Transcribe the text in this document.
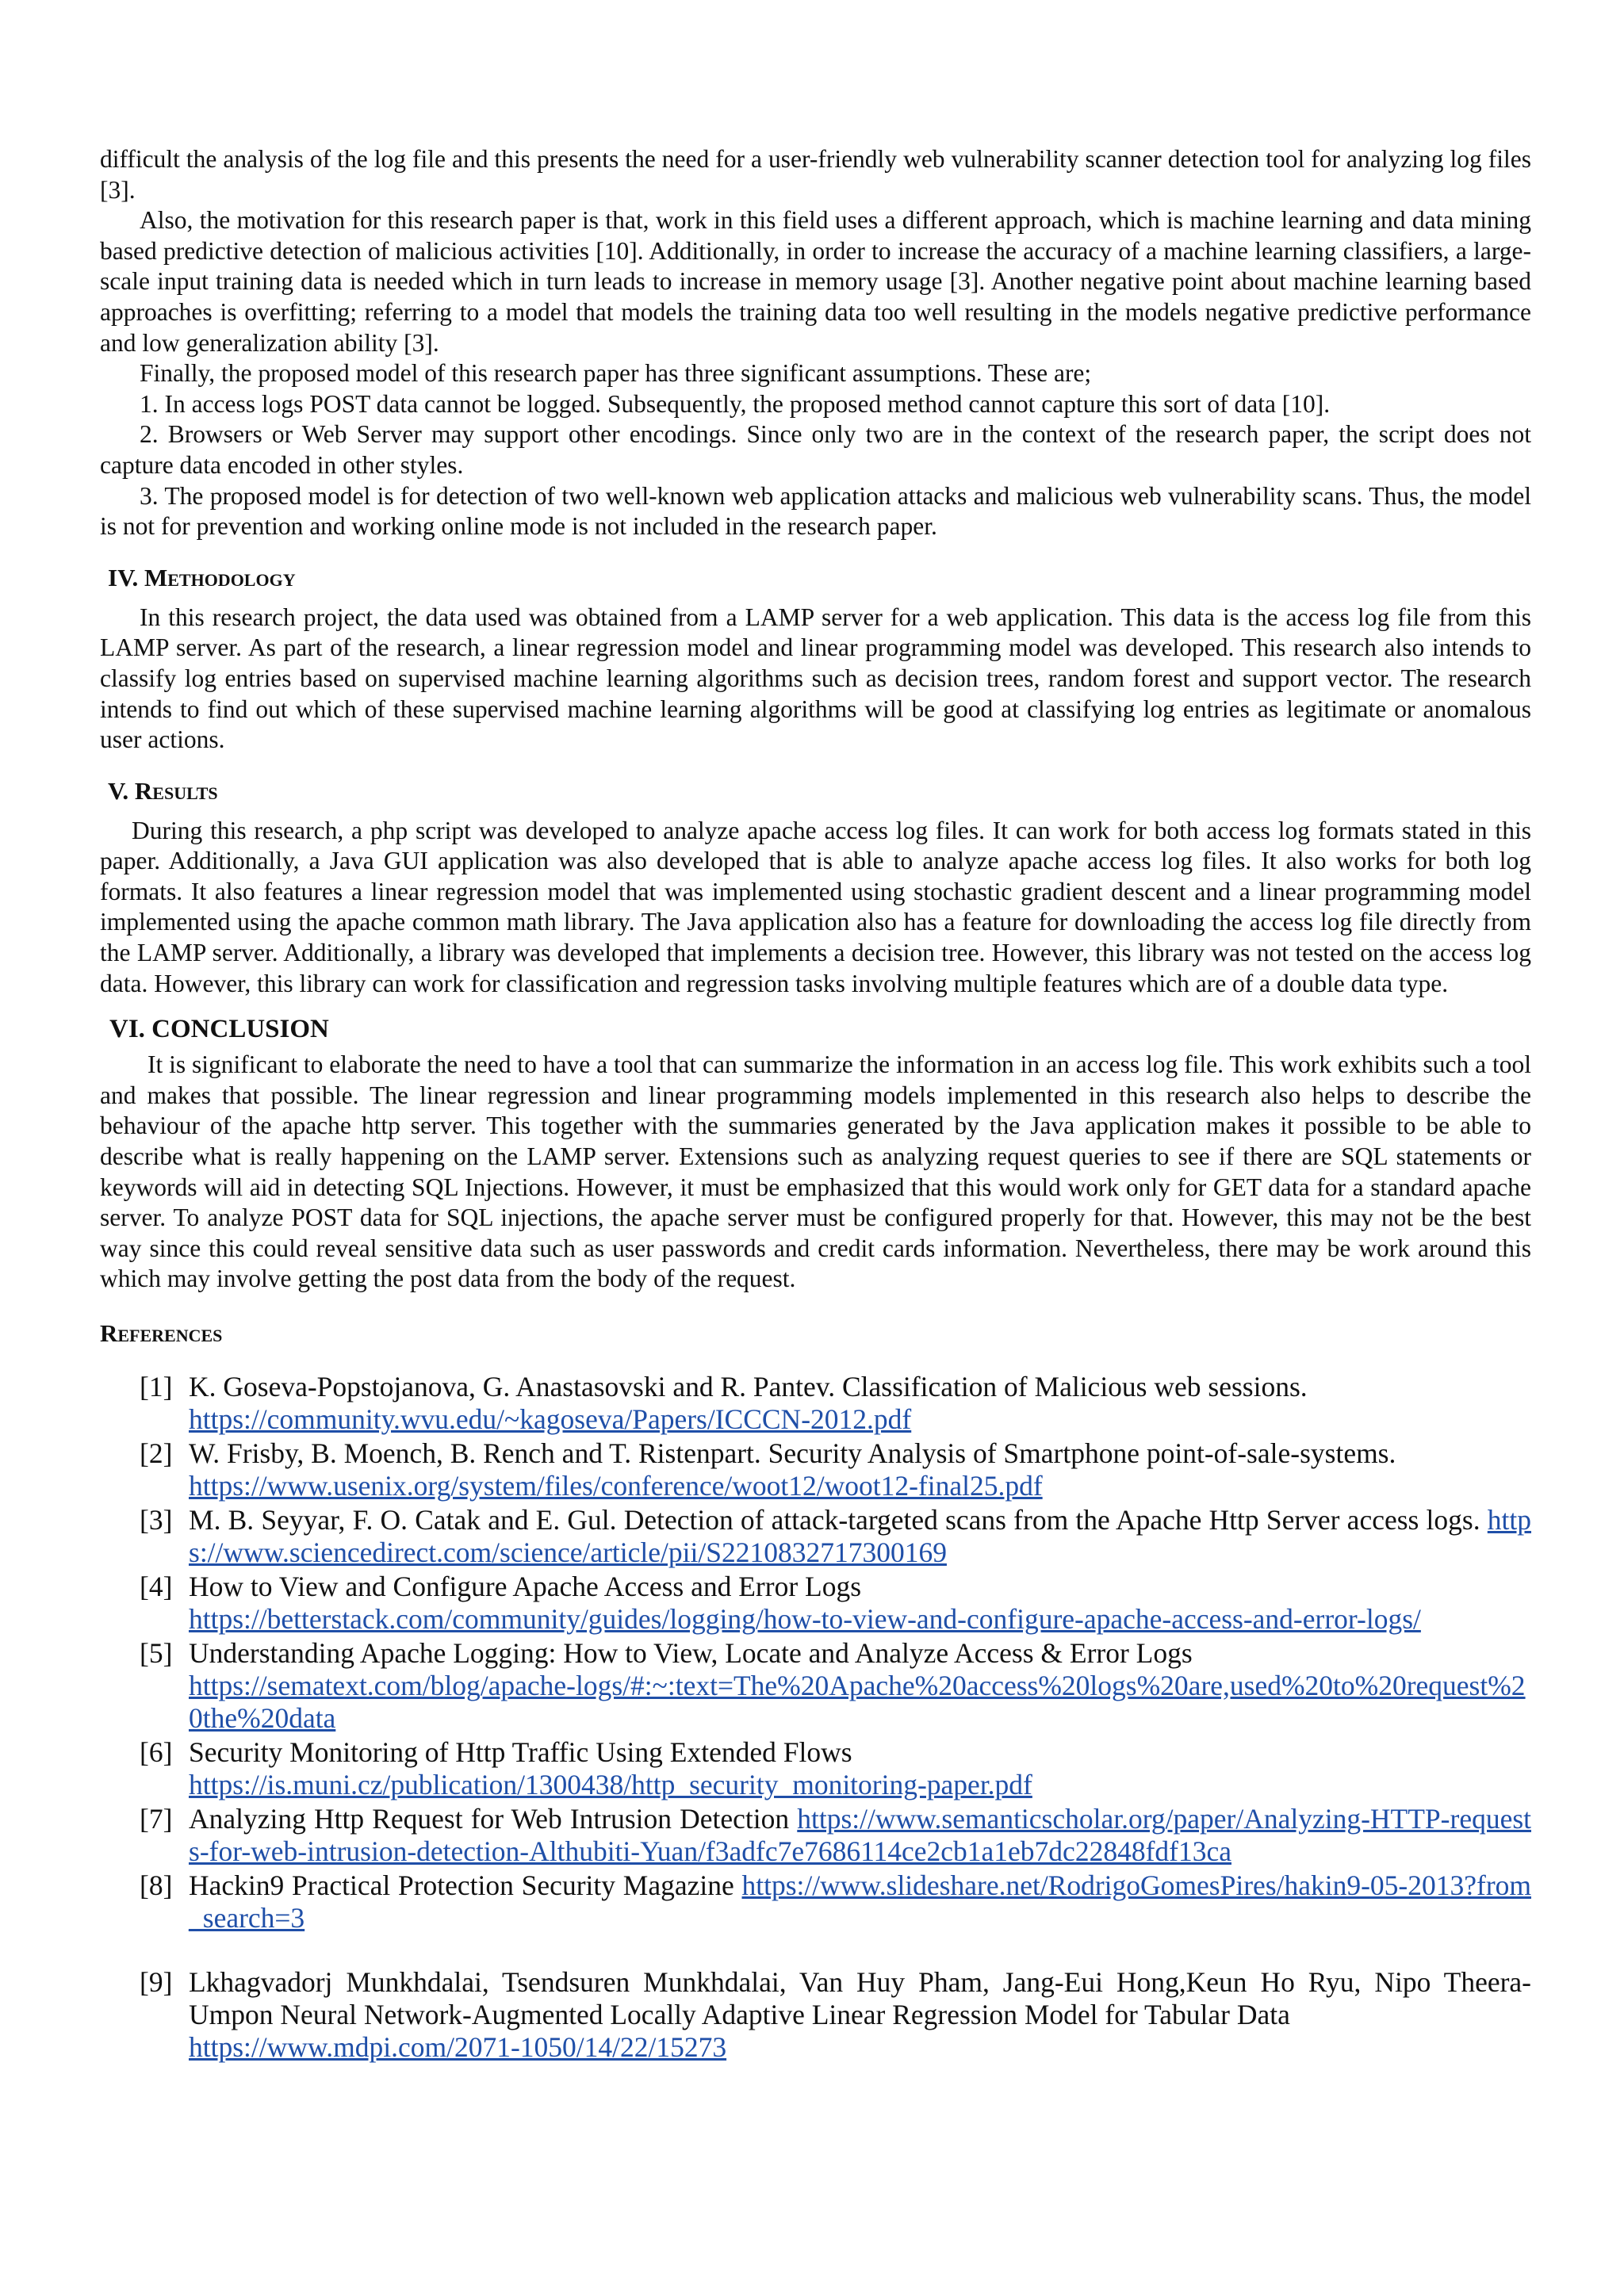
difficult the analysis of the log file and this presents the need for a user-friendly web vulnerability scanner detection tool for analyzing log files [3].

Also, the motivation for this research paper is that, work in this field uses a different approach, which is machine learning and data mining based predictive detection of malicious activities [10]. Additionally, in order to increase the accuracy of a machine learning classifiers, a large-scale input training data is needed which in turn leads to increase in memory usage [3]. Another negative point about machine learning based approaches is overfitting; referring to a model that models the training data too well resulting in the models negative predictive performance and low generalization ability [3].

Finally, the proposed model of this research paper has three significant assumptions. These are;

1. In access logs POST data cannot be logged. Subsequently, the proposed method cannot capture this sort of data [10].

2. Browsers or Web Server may support other encodings. Since only two are in the context of the research paper, the script does not capture data encoded in other styles.

3. The proposed model is for detection of two well-known web application attacks and malicious web vulnerability scans. Thus, the model is not for prevention and working online mode is not included in the research paper.

IV. Methodology

In this research project, the data used was obtained from a LAMP server for a web application. This data is the access log file from this LAMP server. As part of the research, a linear regression model and linear programming model was developed. This research also intends to classify log entries based on supervised machine learning algorithms such as decision trees, random forest and support vector. The research intends to find out which of these supervised machine learning algorithms will be good at classifying log entries as legitimate or anomalous user actions.

V. Results

During this research, a php script was developed to analyze apache access log files. It can work for both access log formats stated in this paper. Additionally, a Java GUI application was also developed that is able to analyze apache access log files. It also works for both log formats. It also features a linear regression model that was implemented using stochastic gradient descent and a linear programming model implemented using the apache common math library. The Java application also has a feature for downloading the access log file directly from the LAMP server. Additionally, a library was developed that implements a decision tree. However, this library was not tested on the access log data. However, this library can work for classification and regression tasks involving multiple features which are of a double data type.

VI. CONCLUSION

It is significant to elaborate the need to have a tool that can summarize the information in an access log file. This work exhibits such a tool and makes that possible. The linear regression and linear programming models implemented in this research also helps to describe the behaviour of the apache http server. This together with the summaries generated by the Java application makes it possible to be able to describe what is really happening on the LAMP server. Extensions such as analyzing request queries to see if there are SQL statements or keywords will aid in detecting SQL Injections. However, it must be emphasized that this would work only for GET data for a standard apache server. To analyze POST data for SQL injections, the apache server must be configured properly for that. However, this may not be the best way since this could reveal sensitive data such as user passwords and credit cards information. Nevertheless, there may be work around this which may involve getting the post data from the body of the request.

References
[1] K. Goseva-Popstojanova, G. Anastasovski and R. Pantev. Classification of Malicious web sessions.
https://community.wvu.edu/~kagoseva/Papers/ICCCN-2012.pdf
[2] W. Frisby, B. Moench, B. Rench and T. Ristenpart. Security Analysis of Smartphone point-of-sale-systems.
https://www.usenix.org/system/files/conference/woot12/woot12-final25.pdf
[3] M. B. Seyyar, F. O. Catak and E. Gul. Detection of attack-targeted scans from the Apache Http Server access logs. https://www.sciencedirect.com/science/article/pii/S2210832717300169
[4] How to View and Configure Apache Access and Error Logs
https://betterstack.com/community/guides/logging/how-to-view-and-configure-apache-access-and-error-logs/
[5] Understanding Apache Logging: How to View, Locate and Analyze Access & Error Logs
https://sematext.com/blog/apache-logs/#:~:text=The%20Apache%20access%20logs%20are,used%20to%20request%20the%20data
[6] Security Monitoring of Http Traffic Using Extended Flows
https://is.muni.cz/publication/1300438/http_security_monitoring-paper.pdf
[7] Analyzing Http Request for Web Intrusion Detection https://www.semanticscholar.org/paper/Analyzing-HTTP-requests-for-web-intrusion-detection-Althubiti-Yuan/f3adfc7e7686114ce2cb1a1eb7dc22848fdf13ca
[8] Hackin9 Practical Protection Security Magazine https://www.slideshare.net/RodrigoGomesPires/hakin9-05-2013?from_search=3
[9] Lkhagvadorj Munkhdalai, Tsendsuren Munkhdalai, Van Huy Pham, Jang-Eui Hong,Keun Ho Ryu, Nipo Theera-Umpon Neural Network-Augmented Locally Adaptive Linear Regression Model for Tabular Data
https://www.mdpi.com/2071-1050/14/22/15273
